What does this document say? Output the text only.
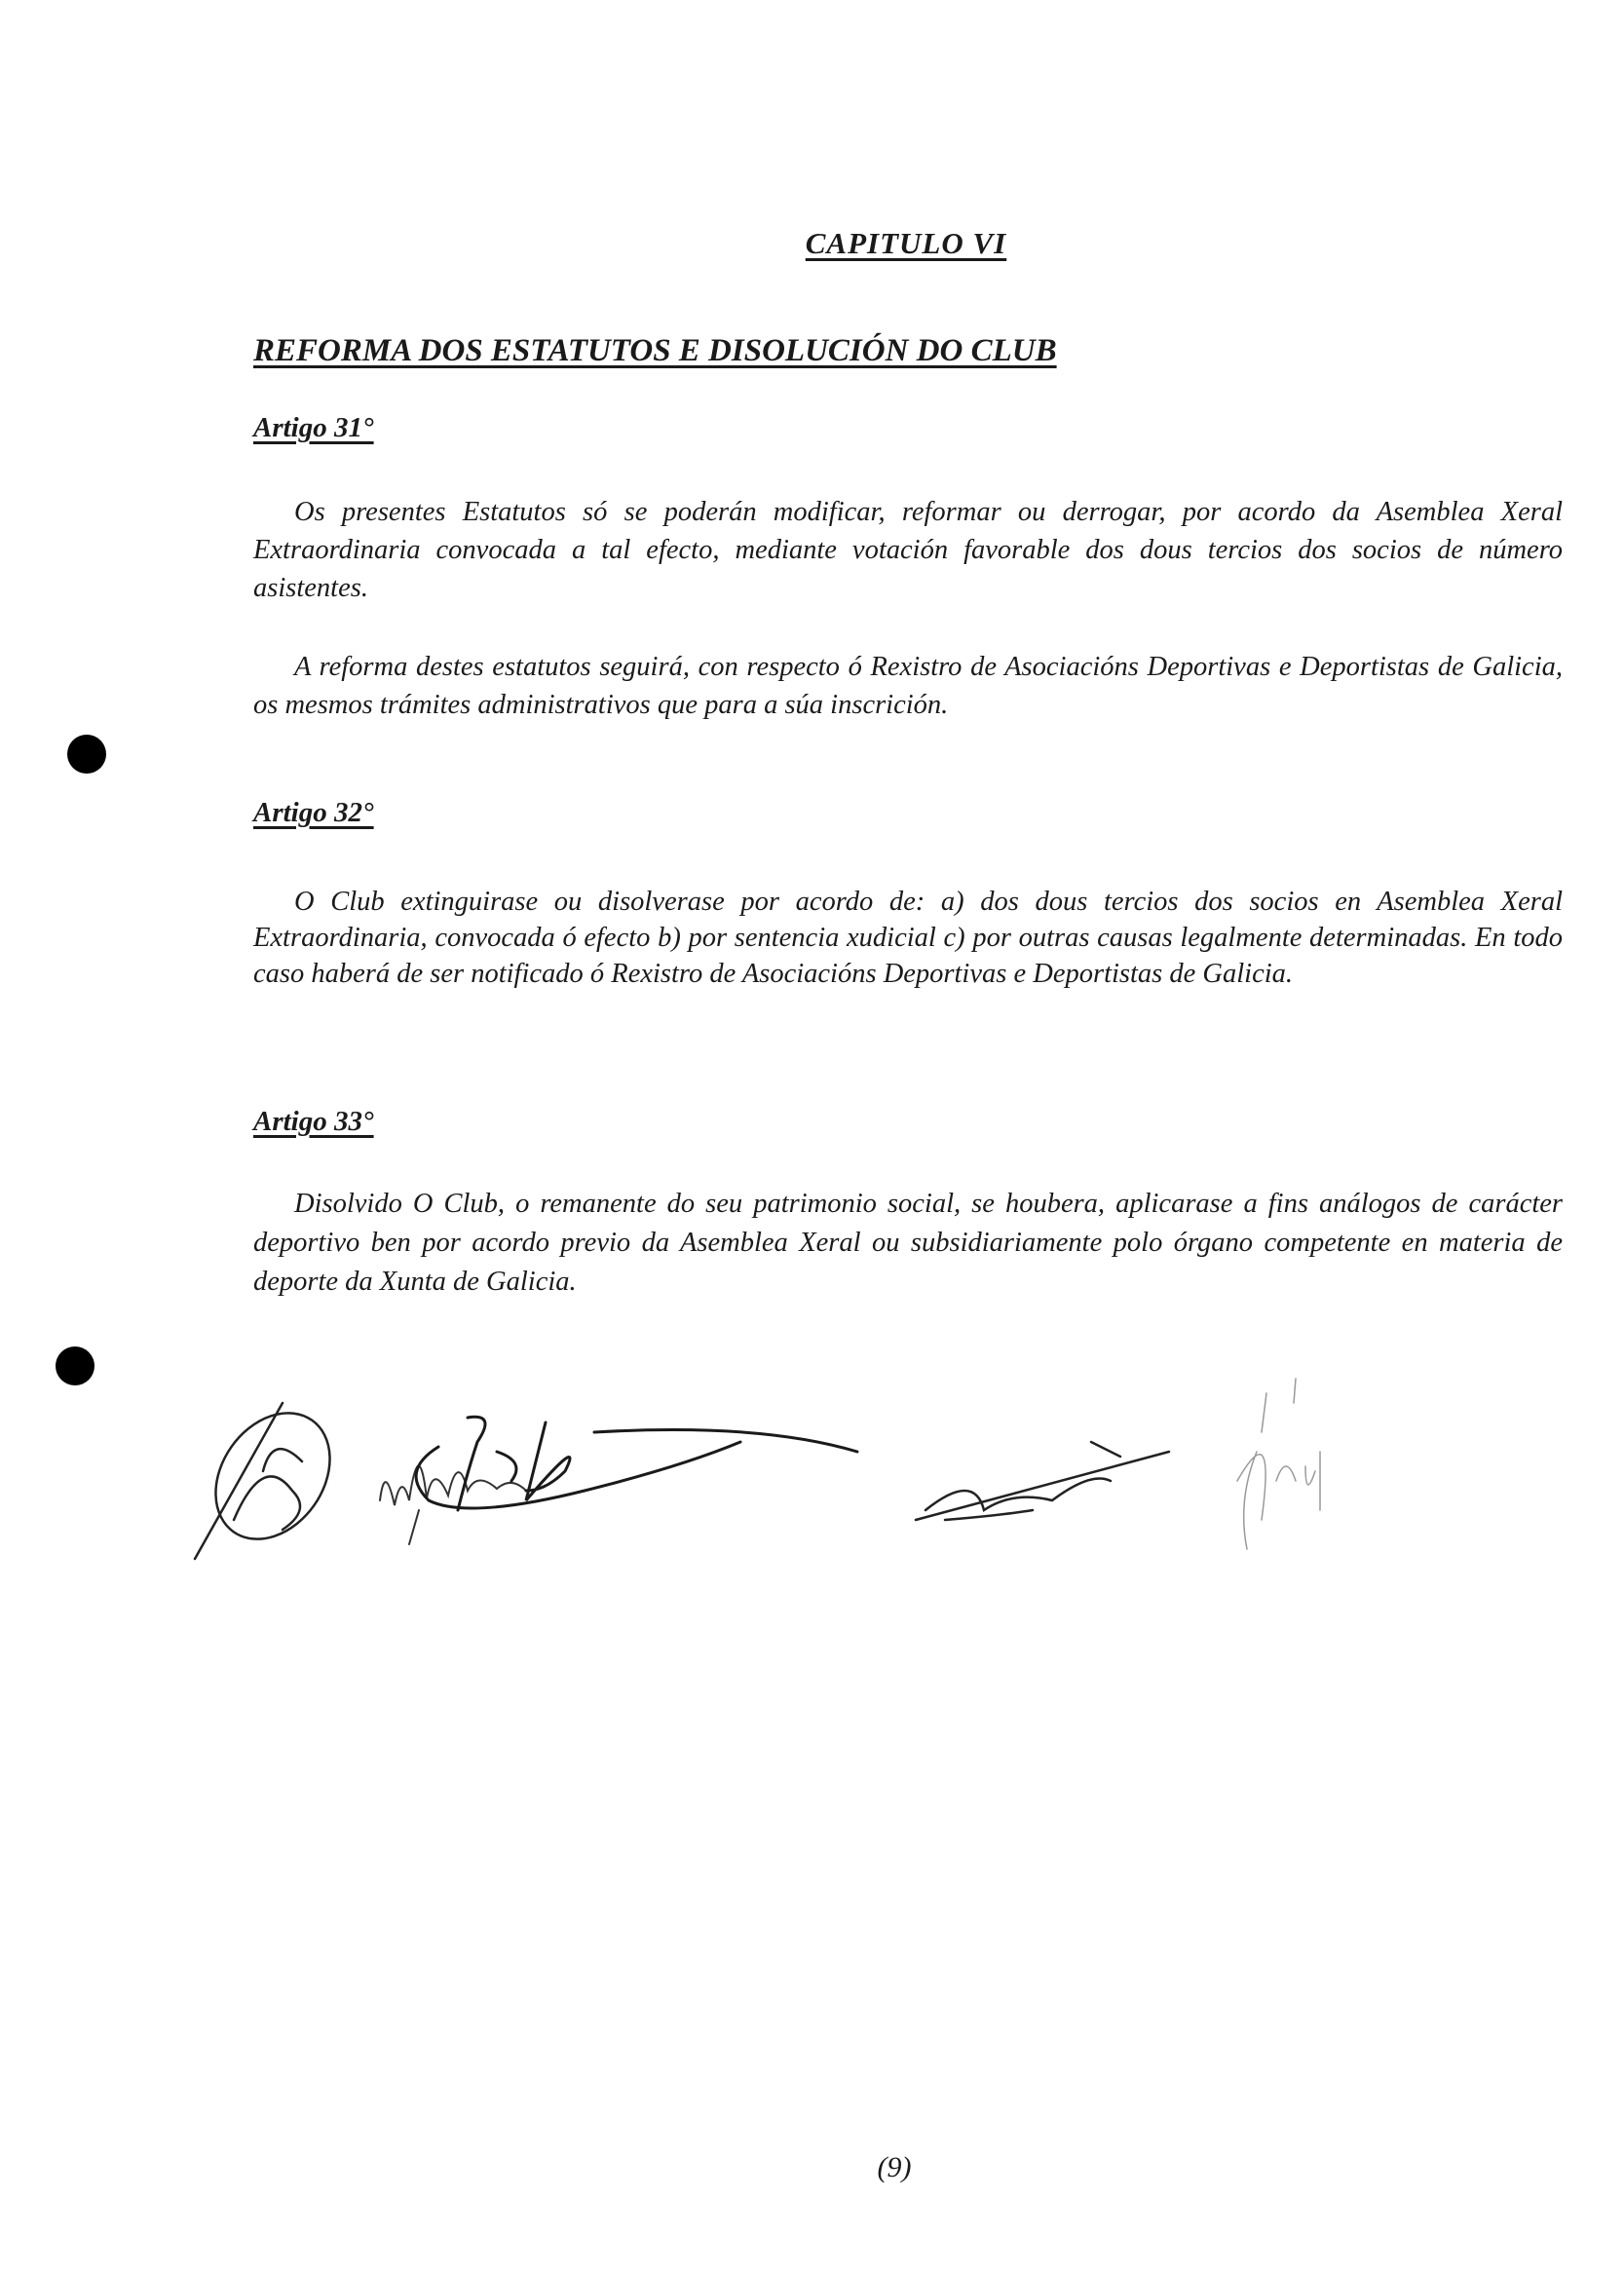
CAPITULO VI
REFORMA DOS ESTATUTOS E DISOLUCIÓN DO CLUB
Artigo 31°
Os presentes Estatutos só se poderán modificar, reformar ou derrogar, por acordo da Asemblea Xeral Extraordinaria convocada a tal efecto, mediante votación favorable dos dous tercios dos socios de número asistentes.
A reforma destes estatutos seguirá, con respecto ó Rexistro de Asociacións Deportivas e Deportistas de Galicia, os mesmos trámites administrativos que para a súa inscrición.
Artigo 32°
O Club extinguirase ou disolverase por acordo de: a) dos dous tercios dos socios en Asemblea Xeral Extraordinaria, convocada ó efecto b) por sentencia xudicial c) por outras causas legalmente determinadas. En todo caso haberá de ser notificado ó Rexistro de Asociacións Deportivas e Deportistas de Galicia.
Artigo 33°
Disolvido O Club, o remanente do seu patrimonio social, se houbera, aplicarase a fins análogos de carácter deportivo ben por acordo previo da Asemblea Xeral ou subsidiariamente polo órgano competente en materia de deporte da Xunta de Galicia.
(9)
